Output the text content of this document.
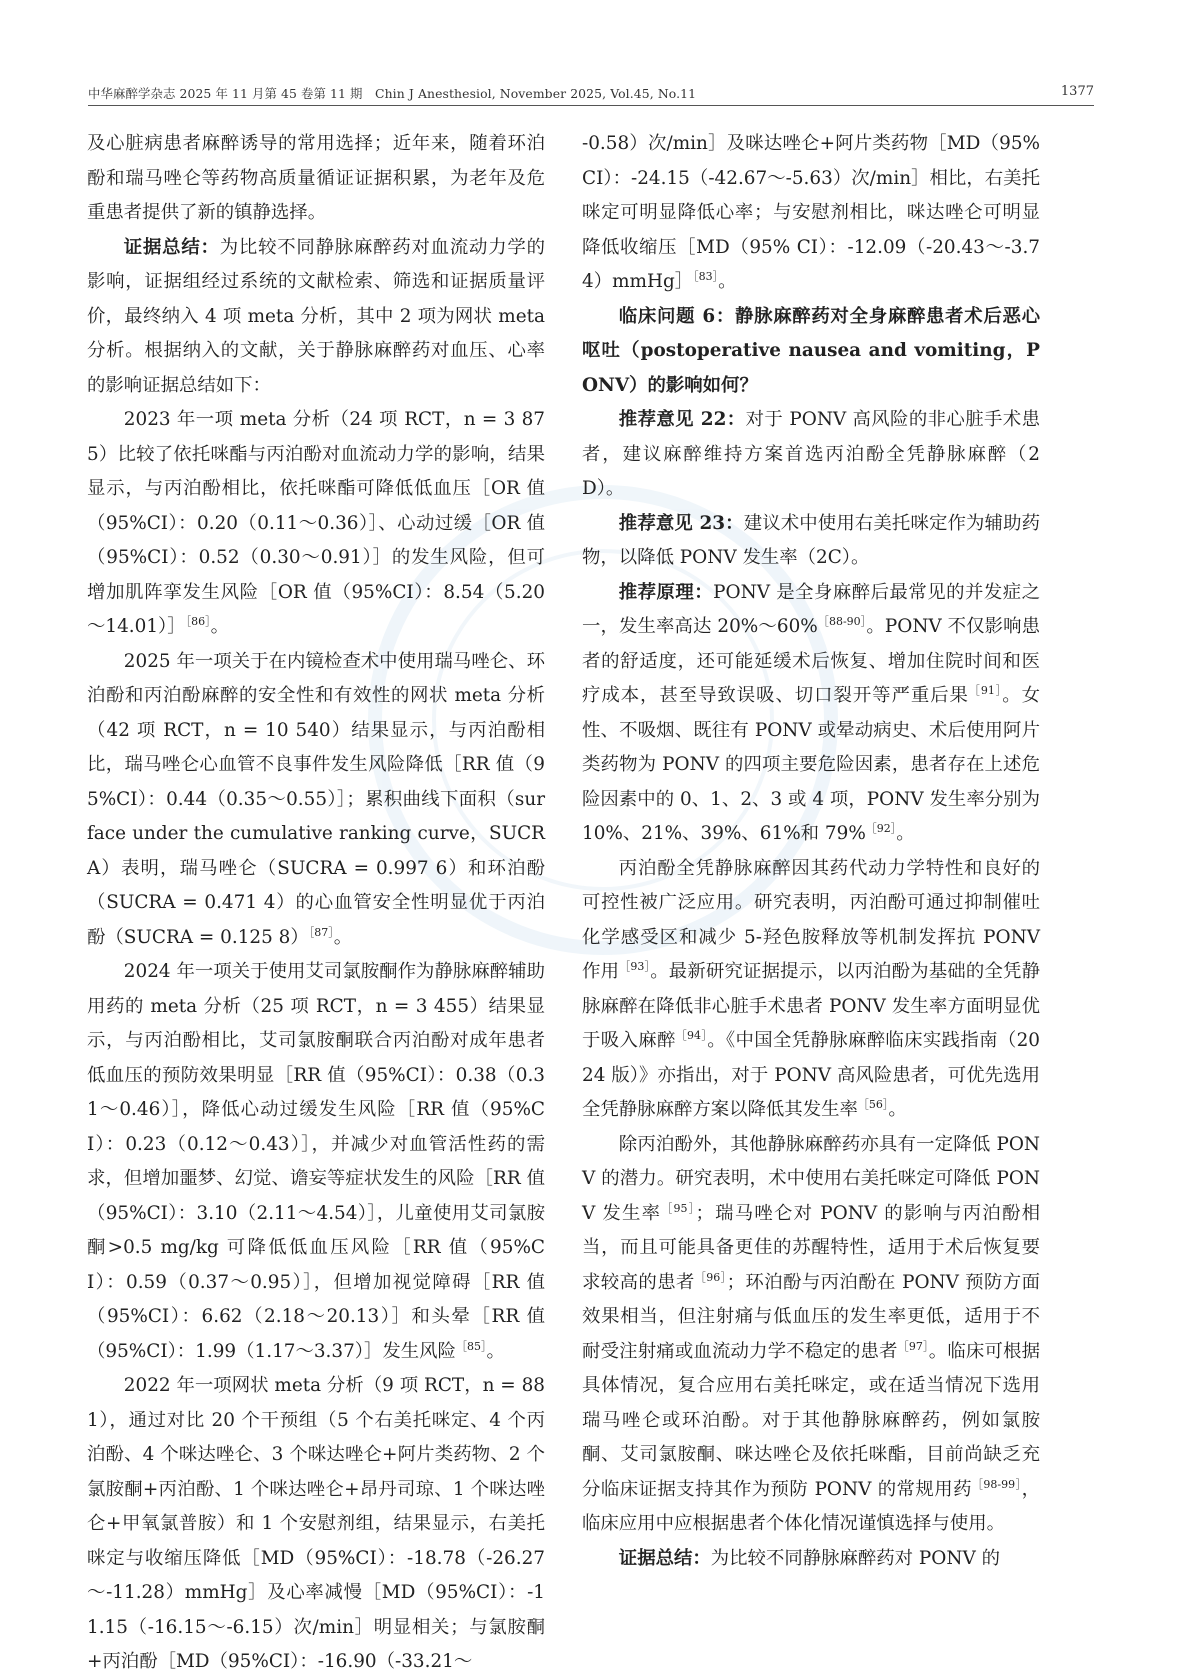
中华麻醉学杂志 2025 年 11 月第 45 卷第 11 期　Chin J Anesthesiol, November 2025, Vol.45, No.11	1377

及心脏病患者麻醉诱导的常用选择；近年来，随着环泊酚和瑞马唑仑等药物高质量循证证据积累，为老年及危重患者提供了新的镇静选择。

证据总结：为比较不同静脉麻醉药对血流动力学的影响，证据组经过系统的文献检索、筛选和证据质量评价，最终纳入 4 项 meta 分析，其中 2 项为网状 meta 分析。根据纳入的文献，关于静脉麻醉药对血压、心率的影响证据总结如下：

2023 年一项 meta 分析（24 项 RCT，n = 3 875）比较了依托咪酯与丙泊酚对血流动力学的影响，结果显示，与丙泊酚相比，依托咪酯可降低低血压［OR 值（95%CI）：0.20（0.11～0.36）］、心动过缓［OR 值（95%CI）：0.52（0.30～0.91）］的发生风险，但可增加肌阵挛发生风险［OR 值（95%CI）：8.54（5.20～14.01）］$^{[86]}$。

2025 年一项关于在内镜检查术中使用瑞马唑仑、环泊酚和丙泊酚麻醉的安全性和有效性的网状 meta 分析（42 项 RCT，n = 10 540）结果显示，与丙泊酚相比，瑞马唑仑心血管不良事件发生风险降低［RR 值（95%CI）：0.44（0.35～0.55）］；累积曲线下面积（surface under the cumulative ranking curve，SUCRA）表明，瑞马唑仑（SUCRA = 0.997 6）和环泊酚（SUCRA = 0.471 4）的心血管安全性明显优于丙泊酚（SUCRA = 0.125 8）$^{[87]}$。

2024 年一项关于使用艾司氯胺酮作为静脉麻醉辅助用药的 meta 分析（25 项 RCT，n = 3 455）结果显示，与丙泊酚相比，艾司氯胺酮联合丙泊酚对成年患者低血压的预防效果明显［RR 值（95%CI）：0.38（0.31～0.46）］，降低心动过缓发生风险［RR 值（95%CI）：0.23（0.12～0.43）］，并减少对血管活性药的需求，但增加噩梦、幻觉、谵妄等症状发生的风险［RR 值（95%CI）：3.10（2.11～4.54）］，儿童使用艾司氯胺酮>0.5 mg/kg 可降低低血压风险［RR 值（95%CI）：0.59（0.37～0.95）］，但增加视觉障碍［RR 值（95%CI）：6.62（2.18～20.13）］和头晕［RR 值（95%CI）：1.99（1.17～3.37）］发生风险$^{[85]}$。

2022 年一项网状 meta 分析（9 项 RCT，n = 881），通过对比 20 个干预组（5 个右美托咪定、4 个丙泊酚、4 个咪达唑仑、3 个咪达唑仑+阿片类药物、2 个氯胺酮+丙泊酚、1 个咪达唑仑+昂丹司琼、1 个咪达唑仑+甲氧氯普胺）和 1 个安慰剂组，结果显示，右美托咪定与收缩压降低［MD（95%CI）：-18.78（-26.27～-11.28）mmHg］及心率减慢［MD（95%CI）：-11.15（-16.15～-6.15）次/min］明显相关；与氯胺酮+丙泊酚［MD（95%CI）：-16.90（-33.21～

-0.58）次/min］及咪达唑仑+阿片类药物［MD（95%CI）：-24.15（-42.67～-5.63）次/min］相比，右美托咪定可明显降低心率；与安慰剂相比，咪达唑仑可明显降低收缩压［MD（95% CI）：-12.09（-20.43～-3.74）mmHg］$^{[83]}$。

临床问题 6：静脉麻醉药对全身麻醉患者术后恶心呕吐（postoperative nausea and vomiting，PONV）的影响如何？

推荐意见 22：对于 PONV 高风险的非心脏手术患者，建议麻醉维持方案首选丙泊酚全凭静脉麻醉（2D）。

推荐意见 23：建议术中使用右美托咪定作为辅助药物，以降低 PONV 发生率（2C）。

推荐原理：PONV 是全身麻醉后最常见的并发症之一，发生率高达 20%～60%$^{[88-90]}$。PONV 不仅影响患者的舒适度，还可能延缓术后恢复、增加住院时间和医疗成本，甚至导致误吸、切口裂开等严重后果$^{[91]}$。女性、不吸烟、既往有 PONV 或晕动病史、术后使用阿片类药物为 PONV 的四项主要危险因素，患者存在上述危险因素中的 0、1、2、3 或 4 项，PONV 发生率分别为 10%、21%、39%、61%和 79%$^{[92]}$。

丙泊酚全凭静脉麻醉因其药代动力学特性和良好的可控性被广泛应用。研究表明，丙泊酚可通过抑制催吐化学感受区和减少 5-羟色胺释放等机制发挥抗 PONV 作用$^{[93]}$。最新研究证据提示，以丙泊酚为基础的全凭静脉麻醉在降低非心脏手术患者 PONV 发生率方面明显优于吸入麻醉$^{[94]}$。《中国全凭静脉麻醉临床实践指南（2024 版）》亦指出，对于 PONV 高风险患者，可优先选用全凭静脉麻醉方案以降低其发生率$^{[56]}$。

除丙泊酚外，其他静脉麻醉药亦具有一定降低 PONV 的潜力。研究表明，术中使用右美托咪定可降低 PONV 发生率$^{[95]}$；瑞马唑仑对 PONV 的影响与丙泊酚相当，而且可能具备更佳的苏醒特性，适用于术后恢复要求较高的患者$^{[96]}$；环泊酚与丙泊酚在 PONV 预防方面效果相当，但注射痛与低血压的发生率更低，适用于不耐受注射痛或血流动力学不稳定的患者$^{[97]}$。临床可根据具体情况，复合应用右美托咪定，或在适当情况下选用瑞马唑仑或环泊酚。对于其他静脉麻醉药，例如氯胺酮、艾司氯胺酮、咪达唑仑及依托咪酯，目前尚缺乏充分临床证据支持其作为预防 PONV 的常规用药$^{[98-99]}$，临床应用中应根据患者个体化情况谨慎选择与使用。

证据总结：为比较不同静脉麻醉药对 PONV 的
